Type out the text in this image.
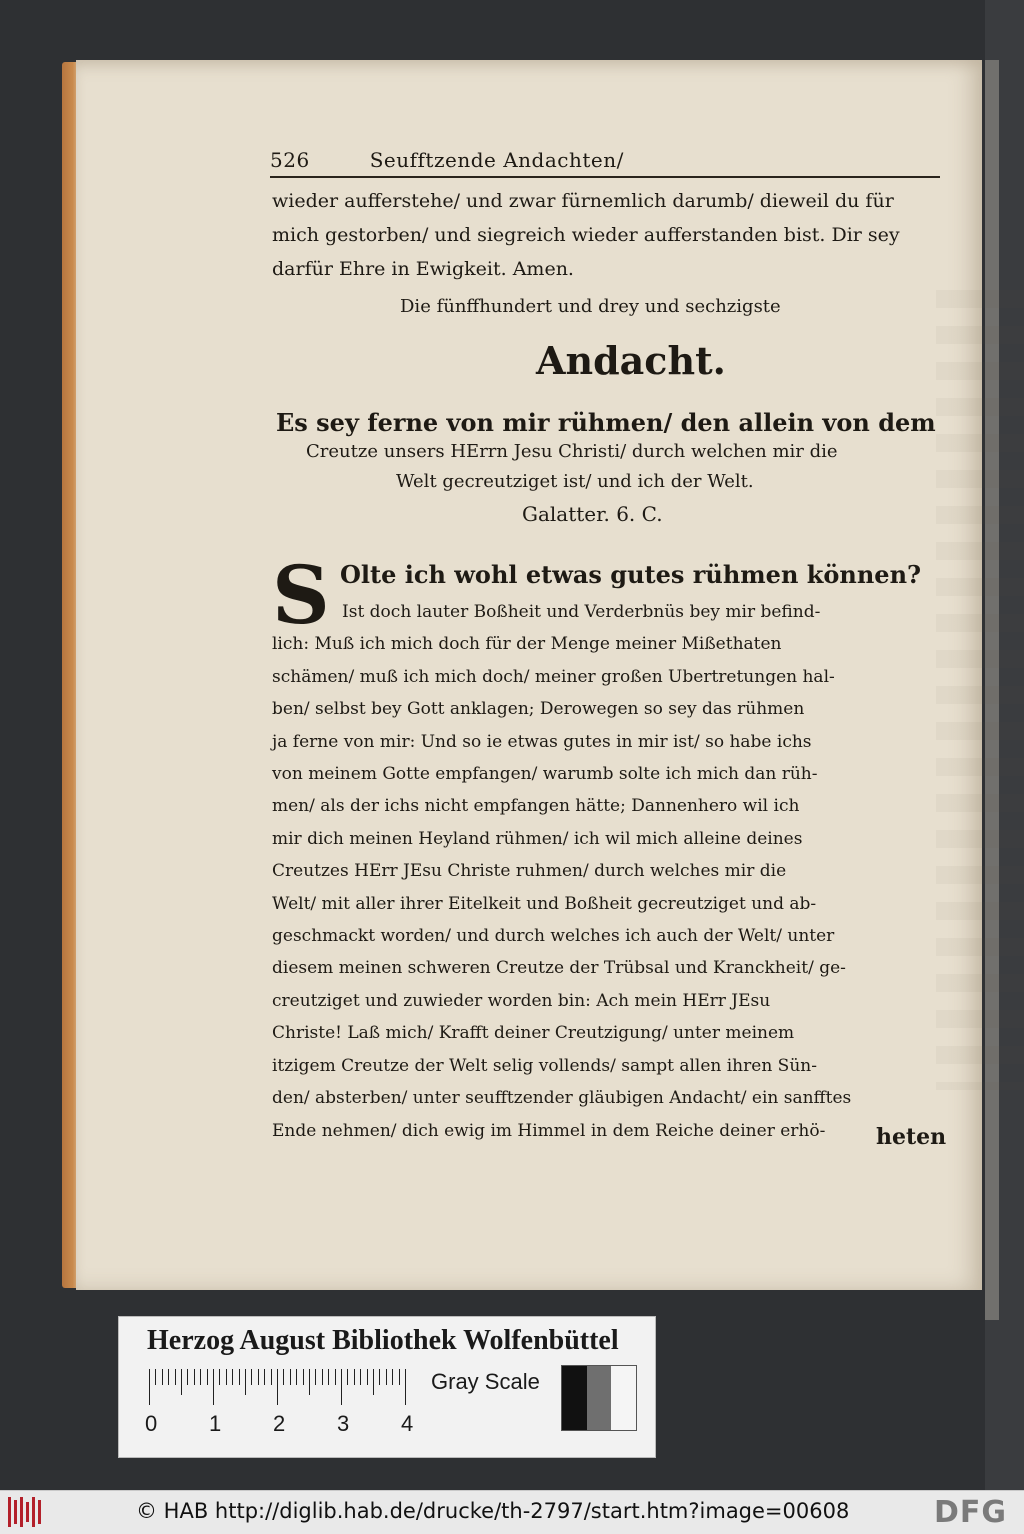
526	Seufftzende Andachten/
wieder aufferstehe/ und zwar fürnemlich darumb/ dieweil du für
mich gestorben/ und siegreich wieder aufferstanden bist. Dir sey
darfür Ehre in Ewigkeit. Amen.
Die fünffhundert und drey und sechzigste
Andacht.
Es sey ferne von mir rühmen/ den allein von dem
Creutze unsers HErrn Jesu Christi/ durch welchen mir die
Welt gecreutziget ist/ und ich der Welt.
Galatter. 6. C.
S Olte ich wohl etwas gutes rühmen können?
Ist doch lauter Boßheit und Verderbnüs bey mir befind-
lich: Muß ich mich doch für der Menge meiner Mißethaten
schämen/ muß ich mich doch/ meiner großen Ubertretungen hal-
ben/ selbst bey Gott anklagen; Derowegen so sey das rühmen
ja ferne von mir: Und so ie etwas gutes in mir ist/ so habe ichs
von meinem Gotte empfangen/ warumb solte ich mich dan rüh-
men/ als der ichs nicht empfangen hätte; Dannenhero wil ich
mir dich meinen Heyland rühmen/ ich wil mich alleine deines
Creutzes HErr JEsu Christe ruhmen/ durch welches mir die
Welt/ mit aller ihrer Eitelkeit und Boßheit gecreutziget und ab-
geschmackt worden/ und durch welches ich auch der Welt/ unter
diesem meinen schweren Creutze der Trübsal und Kranckheit/ ge-
creutziget und zuwieder worden bin: Ach mein HErr JEsu
Christe! Laß mich/ Krafft deiner Creutzigung/ unter meinem
itzigem Creutze der Welt selig vollends/ sampt allen ihren Sün-
den/ absterben/ unter seufftzender gläubigen Andacht/ ein sanfftes
Ende nehmen/ dich ewig im Himmel in dem Reiche deiner erhö-	heten
Herzog August Bibliothek Wolfenbüttel
0 1 2 3 4
Gray Scale
© HAB http://diglib.hab.de/drucke/th-2797/start.htm?image=00608	DFG
